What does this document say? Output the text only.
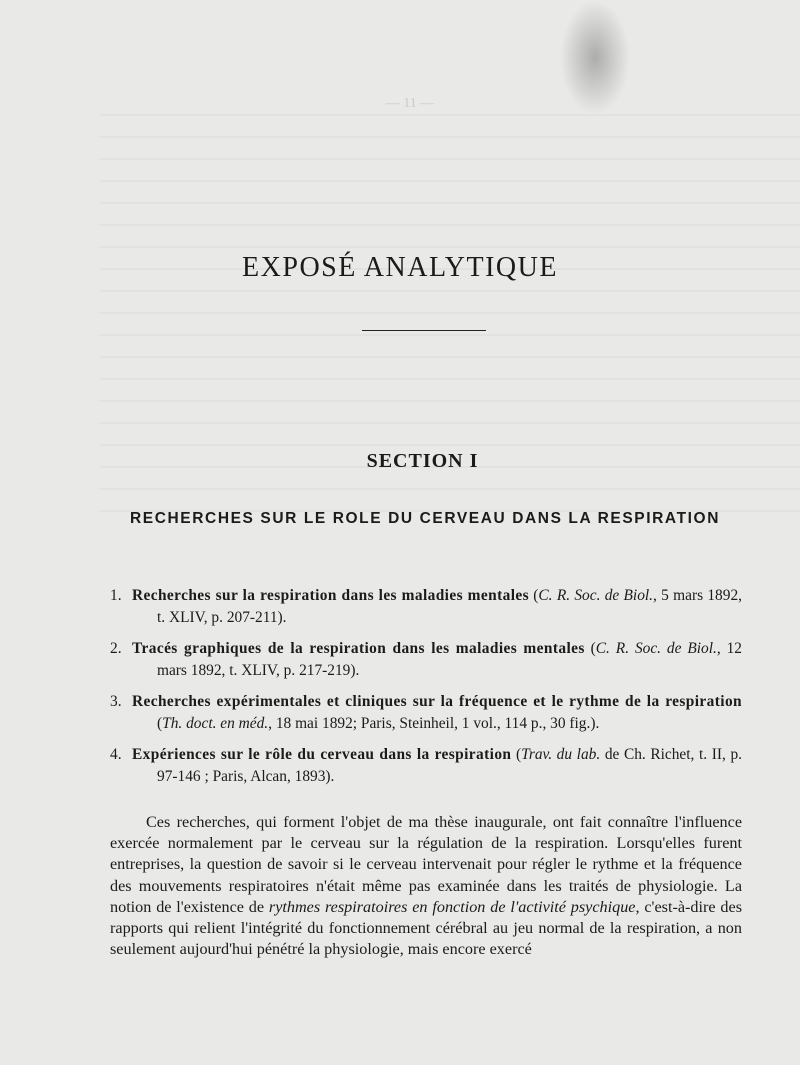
— 11 —
EXPOSÉ ANALYTIQUE
SECTION I
RECHERCHES SUR LE ROLE DU CERVEAU DANS LA RESPIRATION
1. Recherches sur la respiration dans les maladies mentales (C. R. Soc. de Biol., 5 mars 1892, t. XLIV, p. 207-211).
2. Tracés graphiques de la respiration dans les maladies mentales (C. R. Soc. de Biol., 12 mars 1892, t. XLIV, p. 217-219).
3. Recherches expérimentales et cliniques sur la fréquence et le rythme de la respiration (Th. doct. en méd., 18 mai 1892; Paris, Steinheil, 1 vol., 114 p., 30 fig.).
4. Expériences sur le rôle du cerveau dans la respiration (Trav. du lab. de Ch. Richet, t. II, p. 97-146 ; Paris, Alcan, 1893).
Ces recherches, qui forment l'objet de ma thèse inaugurale, ont fait connaître l'influence exercée normalement par le cerveau sur la régulation de la respiration. Lorsqu'elles furent entreprises, la question de savoir si le cerveau intervenait pour régler le rythme et la fréquence des mouvements respiratoires n'était même pas examinée dans les traités de physiologie. La notion de l'existence de rythmes respiratoires en fonction de l'activité psychique, c'est-à-dire des rapports qui relient l'intégrité du fonctionnement cérébral au jeu normal de la respiration, a non seulement aujourd'hui pénétré la physiologie, mais encore exercé
